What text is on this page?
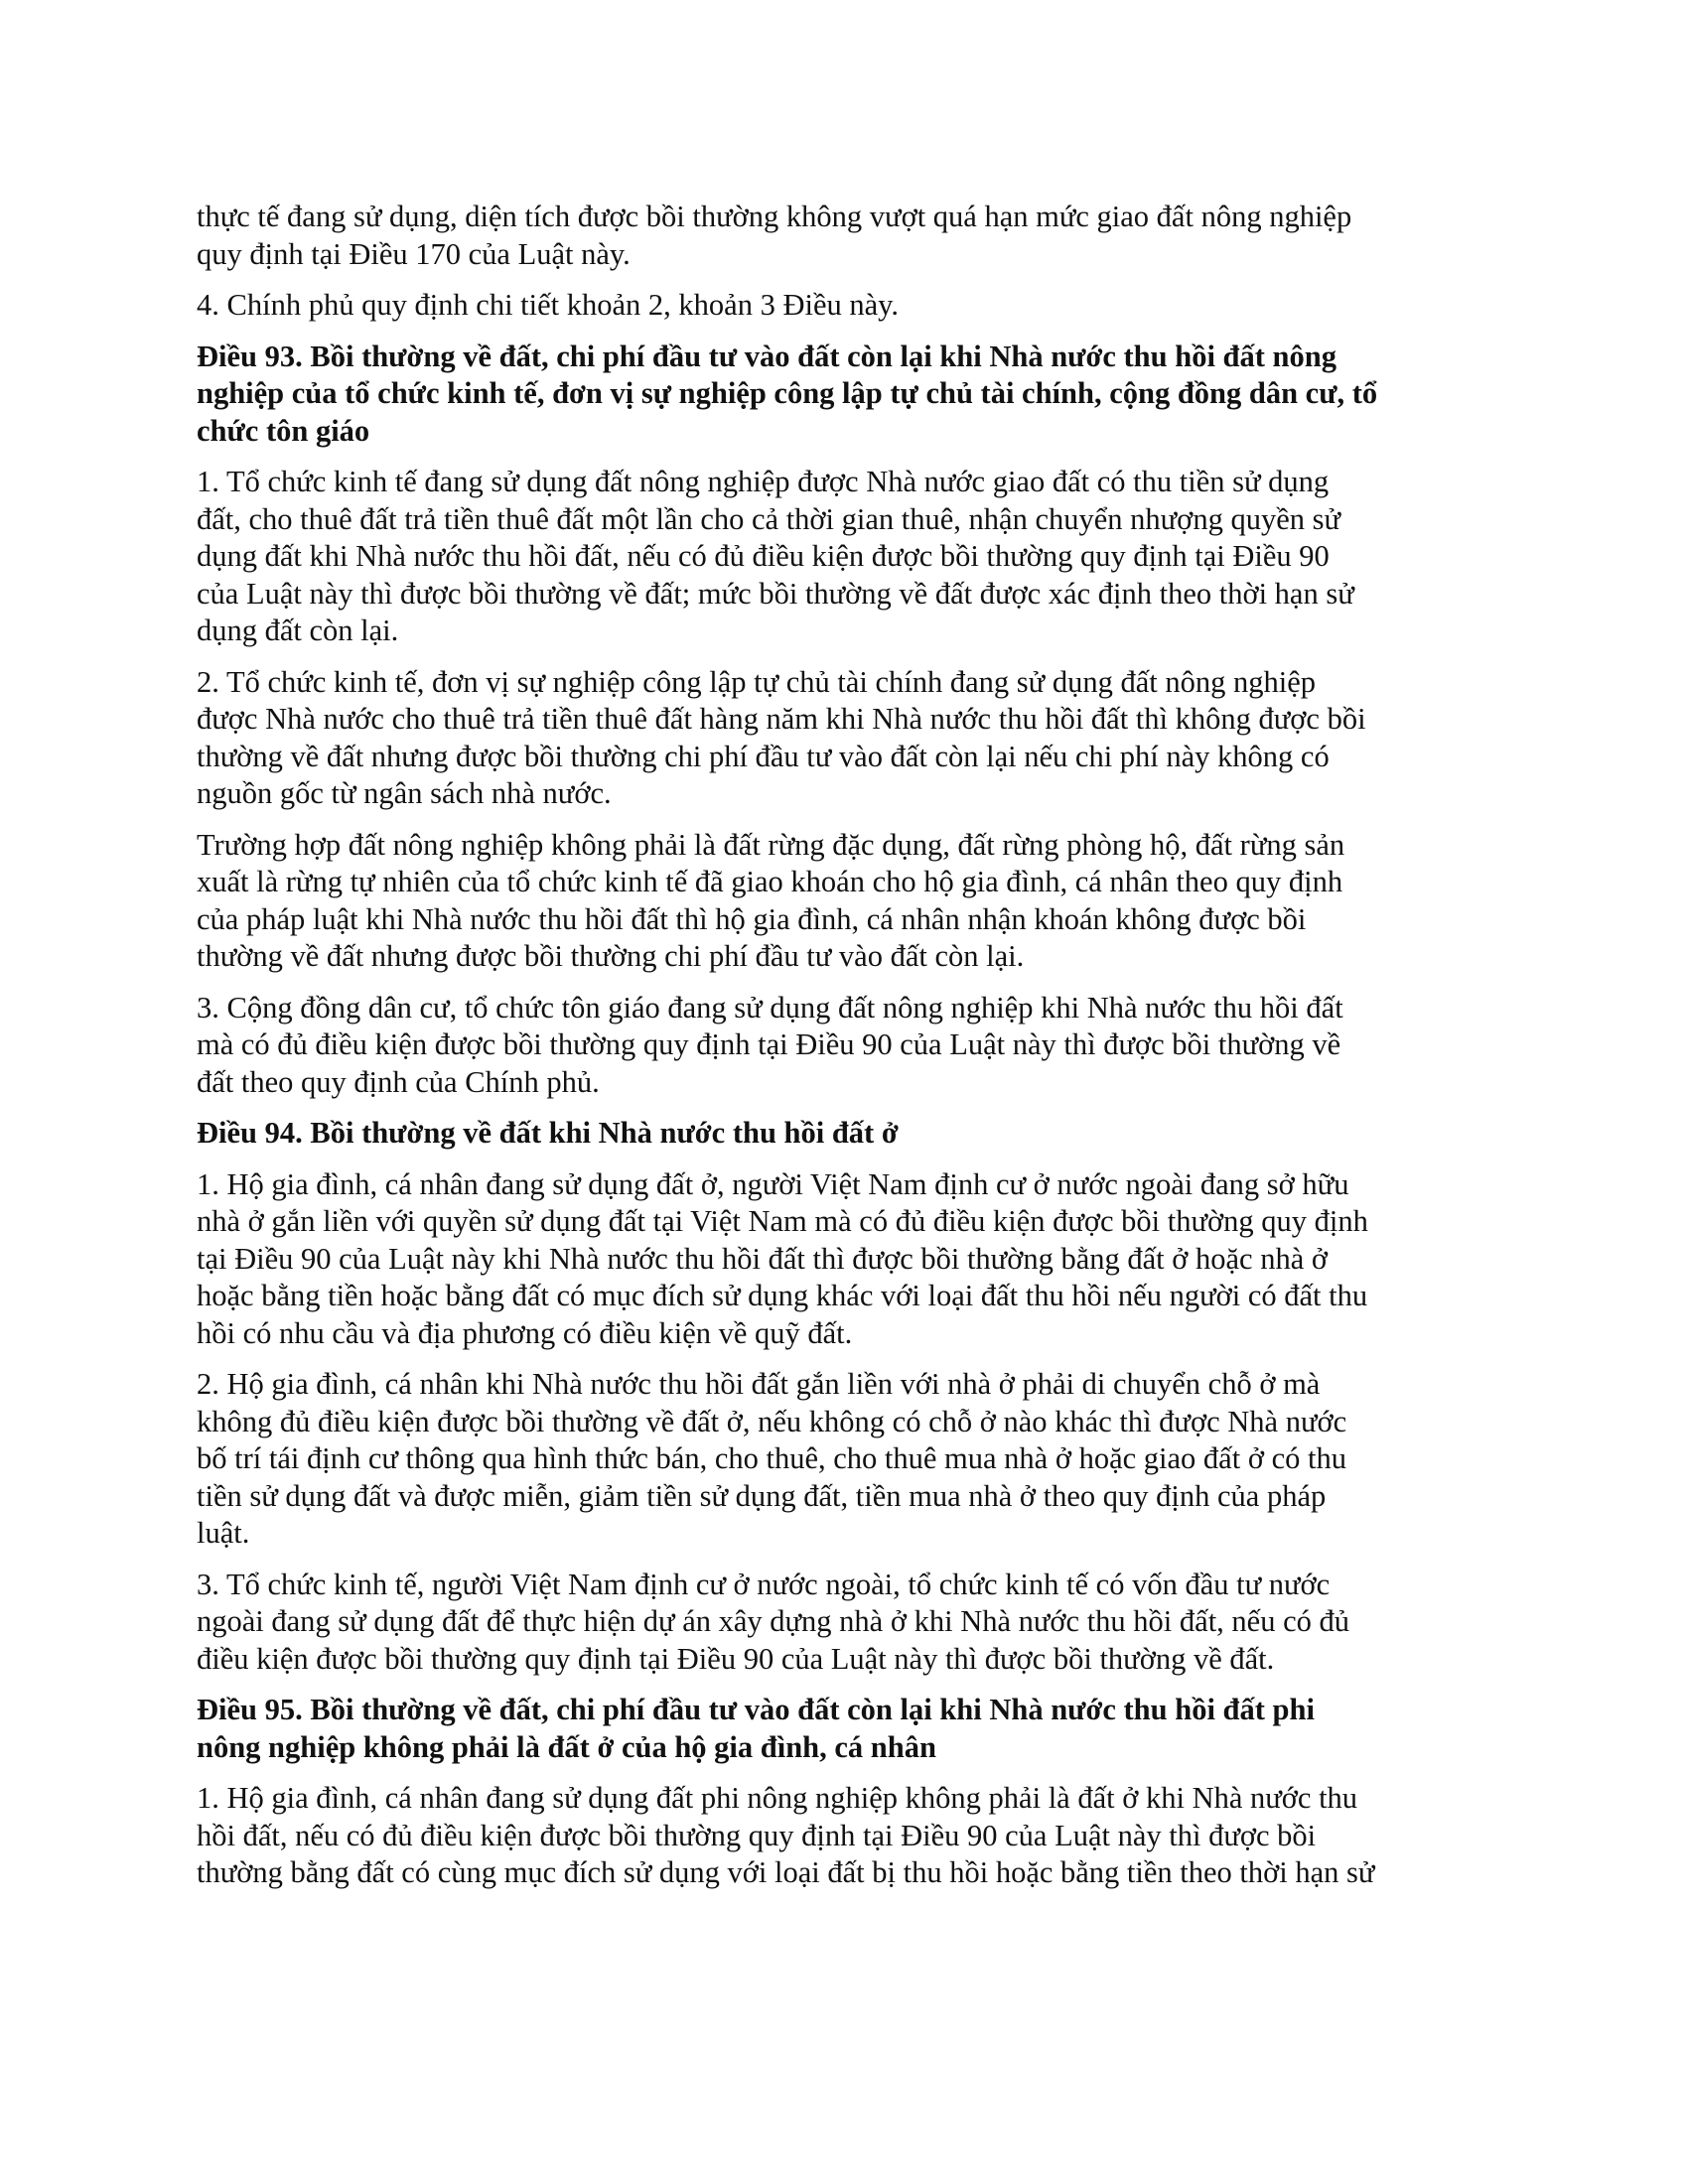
thực tế đang sử dụng, diện tích được bồi thường không vượt quá hạn mức giao đất nông nghiệp
quy định tại Điều 170 của Luật này.

4. Chính phủ quy định chi tiết khoản 2, khoản 3 Điều này.

Điều 93. Bồi thường về đất, chi phí đầu tư vào đất còn lại khi Nhà nước thu hồi đất nông
nghiệp của tổ chức kinh tế, đơn vị sự nghiệp công lập tự chủ tài chính, cộng đồng dân cư, tổ
chức tôn giáo

1. Tổ chức kinh tế đang sử dụng đất nông nghiệp được Nhà nước giao đất có thu tiền sử dụng
đất, cho thuê đất trả tiền thuê đất một lần cho cả thời gian thuê, nhận chuyển nhượng quyền sử
dụng đất khi Nhà nước thu hồi đất, nếu có đủ điều kiện được bồi thường quy định tại Điều 90
của Luật này thì được bồi thường về đất; mức bồi thường về đất được xác định theo thời hạn sử
dụng đất còn lại.

2. Tổ chức kinh tế, đơn vị sự nghiệp công lập tự chủ tài chính đang sử dụng đất nông nghiệp
được Nhà nước cho thuê trả tiền thuê đất hàng năm khi Nhà nước thu hồi đất thì không được bồi
thường về đất nhưng được bồi thường chi phí đầu tư vào đất còn lại nếu chi phí này không có
nguồn gốc từ ngân sách nhà nước.

Trường hợp đất nông nghiệp không phải là đất rừng đặc dụng, đất rừng phòng hộ, đất rừng sản
xuất là rừng tự nhiên của tổ chức kinh tế đã giao khoán cho hộ gia đình, cá nhân theo quy định
của pháp luật khi Nhà nước thu hồi đất thì hộ gia đình, cá nhân nhận khoán không được bồi
thường về đất nhưng được bồi thường chi phí đầu tư vào đất còn lại.

3. Cộng đồng dân cư, tổ chức tôn giáo đang sử dụng đất nông nghiệp khi Nhà nước thu hồi đất
mà có đủ điều kiện được bồi thường quy định tại Điều 90 của Luật này thì được bồi thường về
đất theo quy định của Chính phủ.

Điều 94. Bồi thường về đất khi Nhà nước thu hồi đất ở

1. Hộ gia đình, cá nhân đang sử dụng đất ở, người Việt Nam định cư ở nước ngoài đang sở hữu
nhà ở gắn liền với quyền sử dụng đất tại Việt Nam mà có đủ điều kiện được bồi thường quy định
tại Điều 90 của Luật này khi Nhà nước thu hồi đất thì được bồi thường bằng đất ở hoặc nhà ở
hoặc bằng tiền hoặc bằng đất có mục đích sử dụng khác với loại đất thu hồi nếu người có đất thu
hồi có nhu cầu và địa phương có điều kiện về quỹ đất.

2. Hộ gia đình, cá nhân khi Nhà nước thu hồi đất gắn liền với nhà ở phải di chuyển chỗ ở mà
không đủ điều kiện được bồi thường về đất ở, nếu không có chỗ ở nào khác thì được Nhà nước
bố trí tái định cư thông qua hình thức bán, cho thuê, cho thuê mua nhà ở hoặc giao đất ở có thu
tiền sử dụng đất và được miễn, giảm tiền sử dụng đất, tiền mua nhà ở theo quy định của pháp
luật.

3. Tổ chức kinh tế, người Việt Nam định cư ở nước ngoài, tổ chức kinh tế có vốn đầu tư nước
ngoài đang sử dụng đất để thực hiện dự án xây dựng nhà ở khi Nhà nước thu hồi đất, nếu có đủ
điều kiện được bồi thường quy định tại Điều 90 của Luật này thì được bồi thường về đất.

Điều 95. Bồi thường về đất, chi phí đầu tư vào đất còn lại khi Nhà nước thu hồi đất phi
nông nghiệp không phải là đất ở của hộ gia đình, cá nhân

1. Hộ gia đình, cá nhân đang sử dụng đất phi nông nghiệp không phải là đất ở khi Nhà nước thu
hồi đất, nếu có đủ điều kiện được bồi thường quy định tại Điều 90 của Luật này thì được bồi
thường bằng đất có cùng mục đích sử dụng với loại đất bị thu hồi hoặc bằng tiền theo thời hạn sử
